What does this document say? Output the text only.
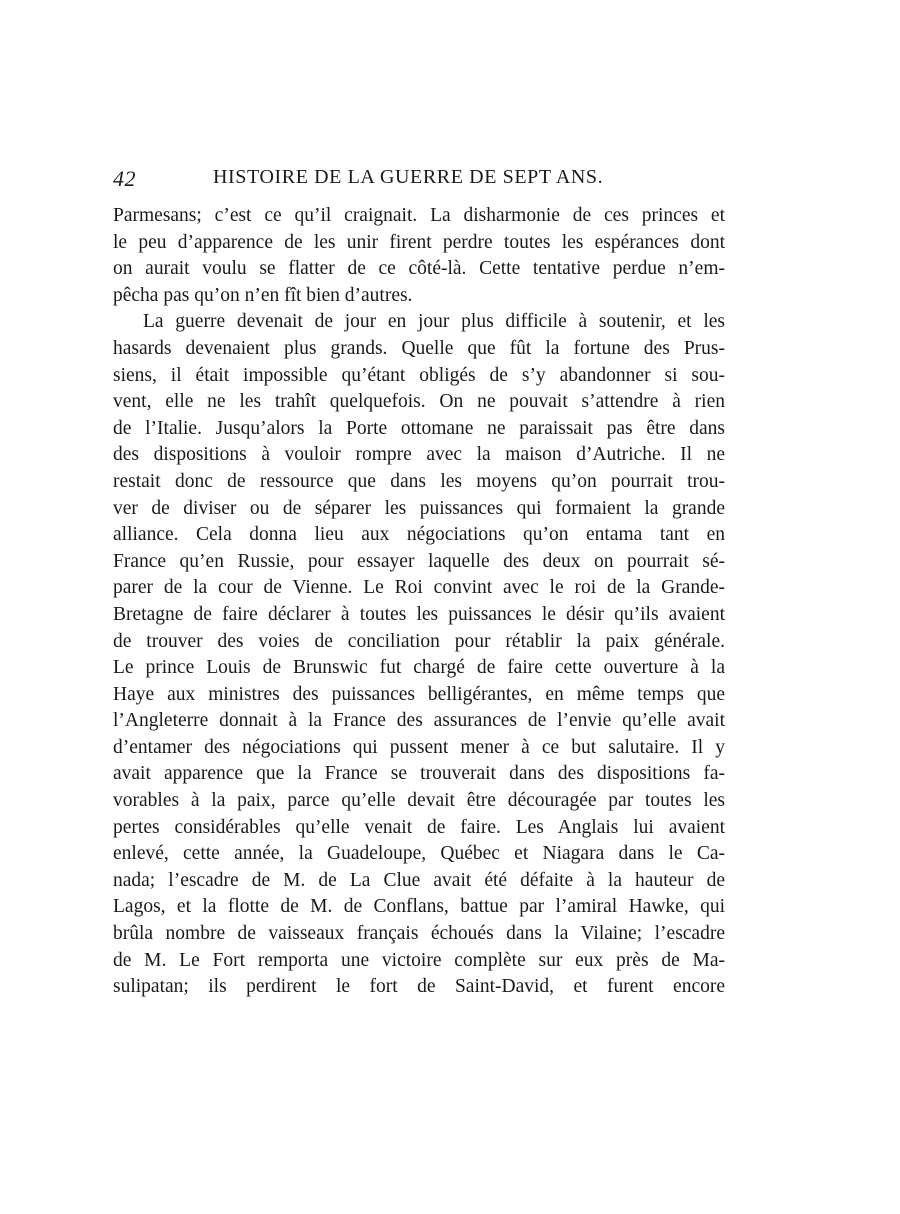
42	HISTOIRE DE LA GUERRE DE SEPT ANS.
Parmesans; c’est ce qu’il craignait. La disharmonie de ces princes et
le peu d’apparence de les unir firent perdre toutes les espérances dont
on aurait voulu se flatter de ce côté-là. Cette tentative perdue n’em-
pêcha pas qu’on n’en fît bien d’autres.
La guerre devenait de jour en jour plus difficile à soutenir, et les
hasards devenaient plus grands. Quelle que fût la fortune des Prus-
siens, il était impossible qu’étant obligés de s’y abandonner si sou-
vent, elle ne les trahît quelquefois. On ne pouvait s’attendre à rien
de l’Italie. Jusqu’alors la Porte ottomane ne paraissait pas être dans
des dispositions à vouloir rompre avec la maison d’Autriche. Il ne
restait donc de ressource que dans les moyens qu’on pourrait trou-
ver de diviser ou de séparer les puissances qui formaient la grande
alliance. Cela donna lieu aux négociations qu’on entama tant en
France qu’en Russie, pour essayer laquelle des deux on pourrait sé-
parer de la cour de Vienne. Le Roi convint avec le roi de la Grande-
Bretagne de faire déclarer à toutes les puissances le désir qu’ils avaient
de trouver des voies de conciliation pour rétablir la paix générale.
Le prince Louis de Brunswic fut chargé de faire cette ouverture à la
Haye aux ministres des puissances belligérantes, en même temps que
l’Angleterre donnait à la France des assurances de l’envie qu’elle avait
d’entamer des négociations qui pussent mener à ce but salutaire. Il y
avait apparence que la France se trouverait dans des dispositions fa-
vorables à la paix, parce qu’elle devait être découragée par toutes les
pertes considérables qu’elle venait de faire. Les Anglais lui avaient
enlevé, cette année, la Guadeloupe, Québec et Niagara dans le Ca-
nada; l’escadre de M. de La Clue avait été défaite à la hauteur de
Lagos, et la flotte de M. de Conflans, battue par l’amiral Hawke, qui
brûla nombre de vaisseaux français échoués dans la Vilaine; l’escadre
de M. Le Fort remporta une victoire complète sur eux près de Ma-
sulipatan; ils perdirent le fort de Saint-David, et furent encore
